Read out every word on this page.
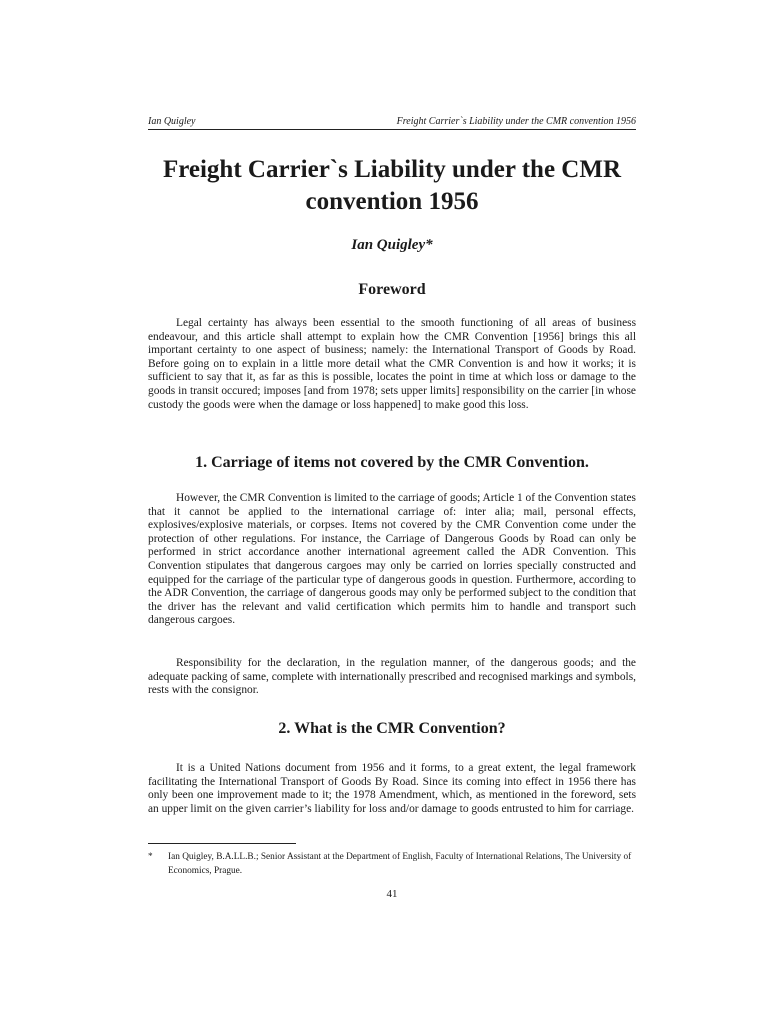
Ian Quigley	Freight Carrier`s Liability under the CMR convention 1956
Freight Carrier`s Liability under the CMR convention 1956
Ian Quigley*
Foreword

Legal certainty has always been essential to the smooth functioning of all areas of business endeavour, and this article shall attempt to explain how the CMR Convention [1956] brings this all important certainty to one aspect of business; namely: the International Transport of Goods by Road. Before going on to explain in a little more detail what the CMR Convention is and how it works; it is sufficient to say that it, as far as this is possible, locates the point in time at which loss or damage to the goods in transit occured; imposes [and from 1978; sets upper limits] responsibility on the carrier [in whose custody the goods were when the damage or loss happened] to make good this loss.

1. Carriage of items not covered by the CMR Convention.

However, the CMR Convention is limited to the carriage of goods; Article 1 of the Convention states that it cannot be applied to the international carriage of: inter alia; mail, personal effects, explosives/explosive materials, or corpses. Items not covered by the CMR Convention come under the protection of other regulations. For instance, the Carriage of Dangerous Goods by Road can only be performed in strict accordance another international agreement called the ADR Convention. This Convention stipulates that dangerous cargoes may only be carried on lorries specially constructed and equipped for the carriage of the particular type of dangerous goods in question. Furthermore, according to the ADR Convention, the carriage of dangerous goods may only be performed subject to the condition that the driver has the relevant and valid certification which permits him to handle and transport such dangerous cargoes.

Responsibility for the declaration, in the regulation manner, of the dangerous goods; and the adequate packing of same, complete with internationally prescribed and recognised markings and symbols, rests with the consignor.

2. What is the CMR Convention?

It is a United Nations document from 1956 and it forms, to a great extent, the legal framework facilitating the International Transport of Goods By Road. Since its coming into effect in 1956 there has only been one improvement made to it; the 1978 Amendment, which, as mentioned in the foreword, sets an upper limit on the given carrier’s liability for loss and/or damage to goods entrusted to him for carriage.

*	Ian Quigley, B.A.LL.B.; Senior Assistant at the Department of English, Faculty of International Relations, The University of Economics, Prague.
41
